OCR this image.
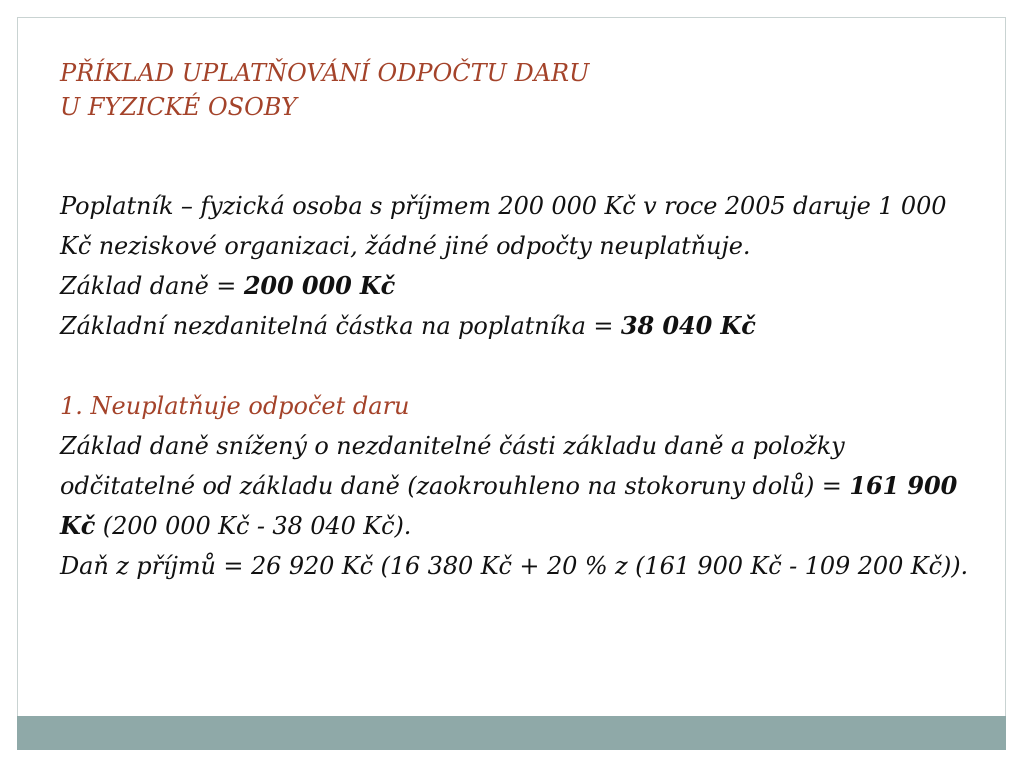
PŘÍKLAD UPLATŇOVÁNÍ ODPOČTU DARU
U FYZICKÉ OSOBY

Poplatník – fyzická osoba s příjmem 200 000 Kč v roce 2005 daruje 1 000 Kč neziskové organizaci, žádné jiné odpočty neuplatňuje.

Základ daně = 200 000 Kč

Základní nezdanitelná částka na poplatníka = 38 040 Kč

1. Neuplatňuje odpočet daru

Základ daně snížený o nezdanitelné části základu daně a položky odčitatelné od základu daně (zaokrouhleno na stokoruny dolů) = 161 900 Kč (200 000 Kč - 38 040 Kč).

Daň z příjmů = 26 920 Kč (16 380 Kč + 20 % z (161 900 Kč - 109 200 Kč)).
